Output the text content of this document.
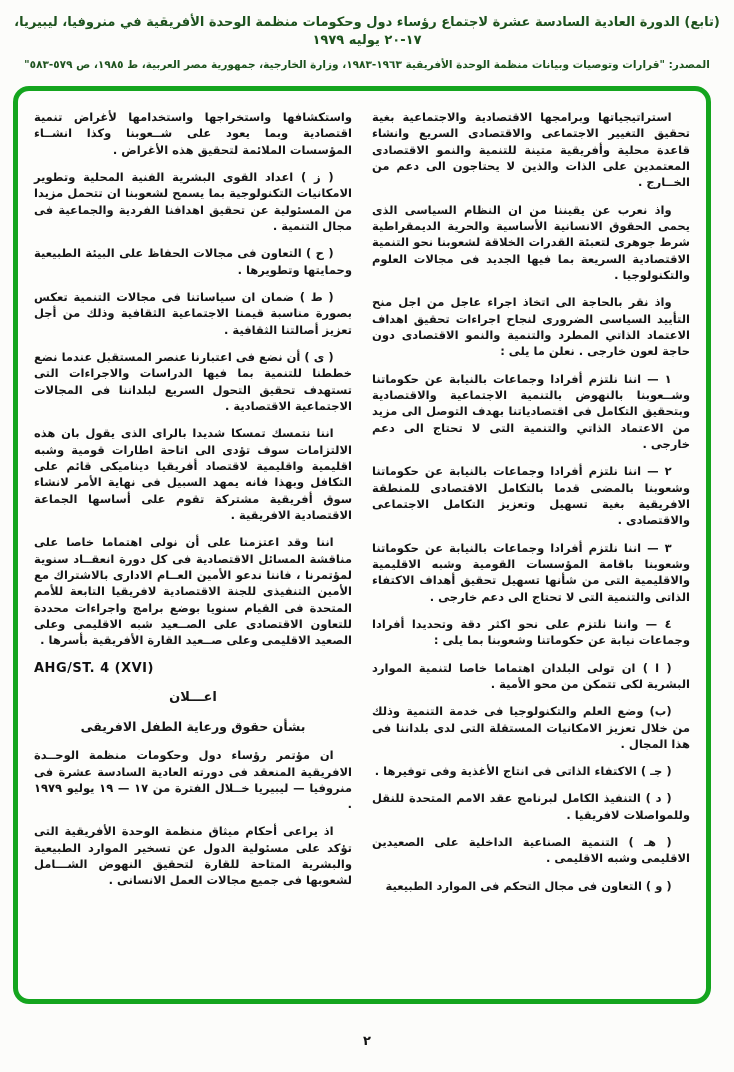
(تابع) الدورة العادية السادسة عشرة لاجتماع رؤساء دول وحكومات منظمة الوحدة الأفريقية في منروفيا، ليبيريا، ١٧-٢٠ يوليه ١٩٧٩

المصدر: "قرارات وتوصيات وبيانات منظمة الوحدة الأفريقية ١٩٦٣-١٩٨٣، وزارة الخارجية، جمهورية مصر العربية، ط ١٩٨٥، ص ٥٧٩-٥٨٣"

استراتيجياتها وبرامجها الاقتصادية والاجتماعية بغية تحقيق التغيير الاجتماعى والاقتصادى السريع وانشاء قاعدة محلية وأفريقية متينة للتنمية والنمو الاقتصادى المعتمدين على الذات والذين لا يحتاجون الى دعم من الخــارج .

واذ نعرب عن يقيننا من ان النظام السياسى الذى يحمى الحقوق الانسانية الأساسية والحرية الديمقراطية شرط جوهرى لتعبئة القدرات الخلاقة لشعوبنا نحو التنمية الاقتصادية السريعة بما فيها الجديد فى مجالات العلوم والتكنولوجيا .

واذ نقر بالحاجة الى اتخاذ اجراء عاجل من اجل منح التأييد السياسى الضرورى لنجاح اجراءات تحقيق اهداف الاعتماد الذاتي المطرد والتنمية والنمو الاقتصادى دون حاجة لعون خارجى . نعلن ما يلى :

١ — اننا نلتزم أفرادا وجماعات بالنيابة عن حكوماتنا وشــعوبنا بالنهوض بالتنمية الاجتماعية والاقتصادية وبتحقيق التكامل فى اقتصادياتنا بهدف التوصل الى مزيد من الاعتماد الذاتي والتنمية التى لا تحتاج الى دعم خارجى .

٢ — اننا نلتزم أفرادا وجماعات بالنيابة عن حكوماتنا وشعوبنا بالمضى قدما بالتكامل الاقتصادى للمنطقة الافريقية بغية تسهيل وتعزيز التكامل الاجتماعى والاقتصادى .

٣ — اننا نلتزم أفرادا وجماعات بالنيابة عن حكوماتنا وشعوبنا باقامة المؤسسات القومية وشبه الاقليمية والاقليمية التى من شأنها تسهيل تحقيق أهداف الاكتفاء الذاتى والتنمية التى لا تحتاج الى دعم خارجى .

٤ — واننا نلتزم على نحو اكثر دقة وتحديدا أفرادا وجماعات نيابة عن حكوماتنا وشعوبنا بما يلى :

( ا ) ان تولى البلدان اهتماما خاصا لتنمية الموارد البشرية لكى تتمكن من محو الأمية .

(ب) وضع العلم والتكنولوجيا فى خدمة التنمية وذلك من خلال تعزيز الامكانيات المستقلة التى لدى بلداننا فى هذا المجال .

( جـ ) الاكتفاء الذاتى فى انتاج الأغذية وفى توفيرها .

( د ) التنفيذ الكامل لبرنامج عقد الامم المتحدة للنقل وللمواصلات لافريقيا .

( هـ ) التنمية الصناعية الداخلية على الصعيدين الاقليمى وشبه الاقليمى .

( و ) التعاون فى مجال التحكم فى الموارد الطبيعية

واستكشافها واستخراجها واستخدامها لأغراض تنمية اقتصادية وبما يعود على شــعوبنا وكذا انشــاء المؤسسات الملائمة لتحقيق هذه الأغراض .

( ز ) اعداد القوى البشرية الفنية المحلية وتطوير الامكانيات التكنولوجية بما يسمح لشعوبنا ان تتحمل مزيدا من المسئولية عن تحقيق اهدافنا الفردية والجماعية فى مجال التنمية .

( ح ) التعاون فى مجالات الحفاظ على البيئة الطبيعية وحمايتها وتطويرها .

( ط ) ضمان ان سياساتنا فى مجالات التنمية تعكس بصورة مناسبة قيمنا الاجتماعية الثقافية وذلك من أجل تعزيز أصالتنا الثقافية .

( ى ) أن نضع فى اعتبارنا عنصر المستقبل عندما نضع خططنا للتنمية بما فيها الدراسات والاجراءات التى تستهدف تحقيق التحول السريع لبلداننا فى المجالات الاجتماعية الاقتصادية .

اننا نتمسك تمسكا شديدا بالراى الذى يقول بان هذه الالتزامات سوف تؤدى الى اتاحة اطارات قومية وشبه اقليمية واقليمية لاقتصاد أفريقيا ديناميكى قائم على التكافل وبهذا فانه يمهد السبيل فى نهاية الأمر لانشاء سوق أفريقية مشتركة تقوم على أساسها الجماعة الاقتصادية الافريقية .

اننا وقد اعتزمنا على أن نولى اهتماما خاصا على مناقشة المسائل الاقتصادية فى كل دورة انعقــاد سنوية لمؤتمرنا ، فاننا ندعو الأمين العــام الادارى بالاشتراك مع الأمين التنفيذى للجنة الاقتصادية لافريقيا التابعة للأمم المتحدة فى القيام سنويا بوضع برامج واجراءات محددة للتعاون الاقتصادى على الصــعيد شبه الاقليمى وعلى الصعيد الاقليمى وعلى صــعيد القارة الأفريقية بأسرها .

AHG/ST. 4 (XVI)

اعـــلان

بشأن حقوق ورعاية الطفل الافريقى

ان مؤتمر رؤساء دول وحكومات منظمة الوحــدة الافريقية المنعقد فى دورته العادية السادسة عشرة فى منروفيا — ليبيريا خــلال الفترة من ١٧ — ١٩ يوليو ١٩٧٩ .

اذ يراعى أحكام ميثاق منظمة الوحدة الأفريقية التى تؤكد على مسئولية الدول عن تسخير الموارد الطبيعية والبشرية المتاحة للقارة لتحقيق النهوض الشـــامل لشعوبها فى جميع مجالات العمل الانسانى .

٢
